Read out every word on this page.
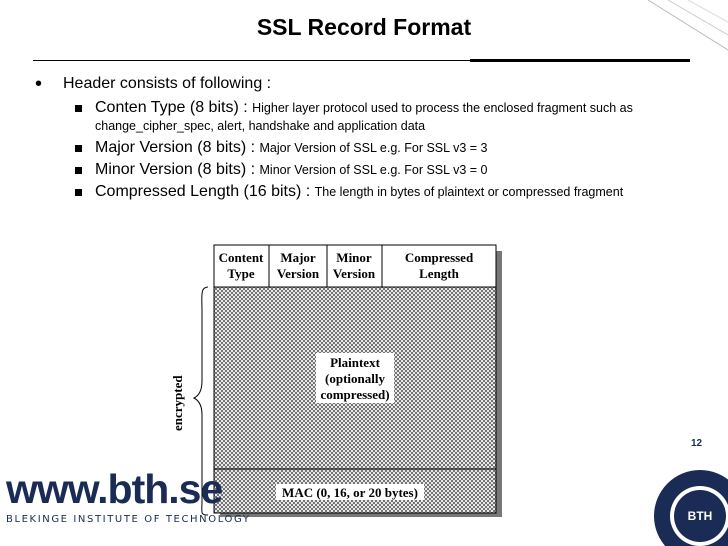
SSL Record Format
• Header consists of following :
Conten Type (8 bits) : Higher layer protocol used to process the enclosed fragment such as change_cipher_spec, alert, handshake and application data
Major Version (8 bits) : Major Version of SSL e.g. For SSL v3 = 3
Minor Version (8 bits) : Minor Version of SSL e.g. For SSL v3 = 0
Compressed Length (16 bits) : The length in bytes of plaintext or compressed fragment
Content
Type
Major
Version
Minor
Version
Compressed
Length
Plaintext
(optionally
compressed)
MAC (0, 16, or 20 bytes)
encrypted
12
www.bth.se
BLEKINGE INSTITUTE OF TECHNOLOGY	BTH
